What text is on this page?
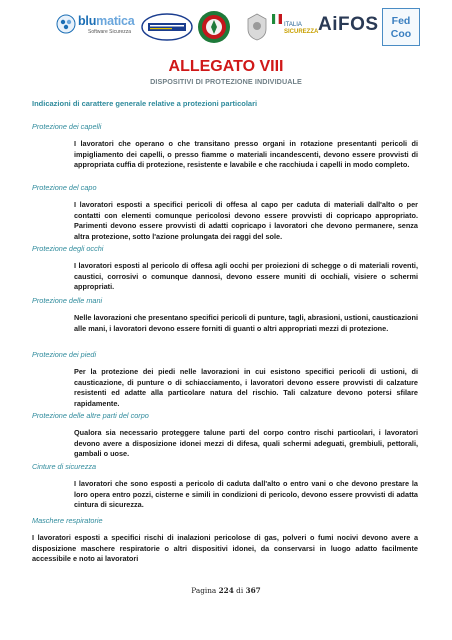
blumatica
Software Sicurezza
ITALIA
SICUREZZA AiFOS	Fed
Coo
ALLEGATO VIII
DISPOSITIVI DI PROTEZIONE INDIVIDUALE
Indicazioni di carattere generale relative a protezioni particolari
Protezione dei capelli
I lavoratori che operano o che transitano presso organi in rotazione presentanti pericoli di impigliamento dei capelli, o presso fiamme o materiali incandescenti, devono essere provvisti di appropriata cuffia di protezione, resistente e lavabile e che racchiuda i capelli in modo completo.
Protezione del capo
I lavoratori esposti a specifici pericoli di offesa al capo per caduta di materiali dall'alto o per contatti con elementi comunque pericolosi devono essere provvisti di copricapo appropriato. Parimenti devono essere provvisti di adatti copricapo i lavoratori che devono permanere, senza altra protezione, sotto l'azione prolungata dei raggi del sole.
Protezione degli occhi
I lavoratori esposti al pericolo di offesa agli occhi per proiezioni di schegge o di materiali roventi, caustici, corrosivi o comunque dannosi, devono essere muniti di occhiali, visiere o schermi appropriati.
Protezione delle mani
Nelle lavorazioni che presentano specifici pericoli di punture, tagli, abrasioni, ustioni, causticazioni alle mani, i lavoratori devono essere forniti di guanti o altri appropriati mezzi di protezione.
Protezione dei piedi
Per la protezione dei piedi nelle lavorazioni in cui esistono specifici pericoli di ustioni, di causticazione, di punture o di schiacciamento, i lavoratori devono essere provvisti di calzature resistenti ed adatte alla particolare natura del rischio. Tali calzature devono potersi sfilare rapidamente.
Protezione delle altre parti del corpo
Qualora sia necessario proteggere talune parti del corpo contro rischi particolari, i lavoratori devono avere a disposizione idonei mezzi di difesa, quali schermi adeguati, grembiuli, pettorali, gambali o uose.
Cinture di sicurezza
I lavoratori che sono esposti a pericolo di caduta dall'alto o entro vani o che devono prestare la loro opera entro pozzi, cisterne e simili in condizioni di pericolo, devono essere provvisti di adatta cintura di sicurezza.
Maschere respiratorie
I lavoratori esposti a specifici rischi di inalazioni pericolose di gas, polveri o fumi nocivi devono avere a disposizione maschere respiratorie o altri dispositivi idonei, da conservarsi in luogo adatto facilmente accessibile e noto ai lavoratori
Pagina 224 di 367
